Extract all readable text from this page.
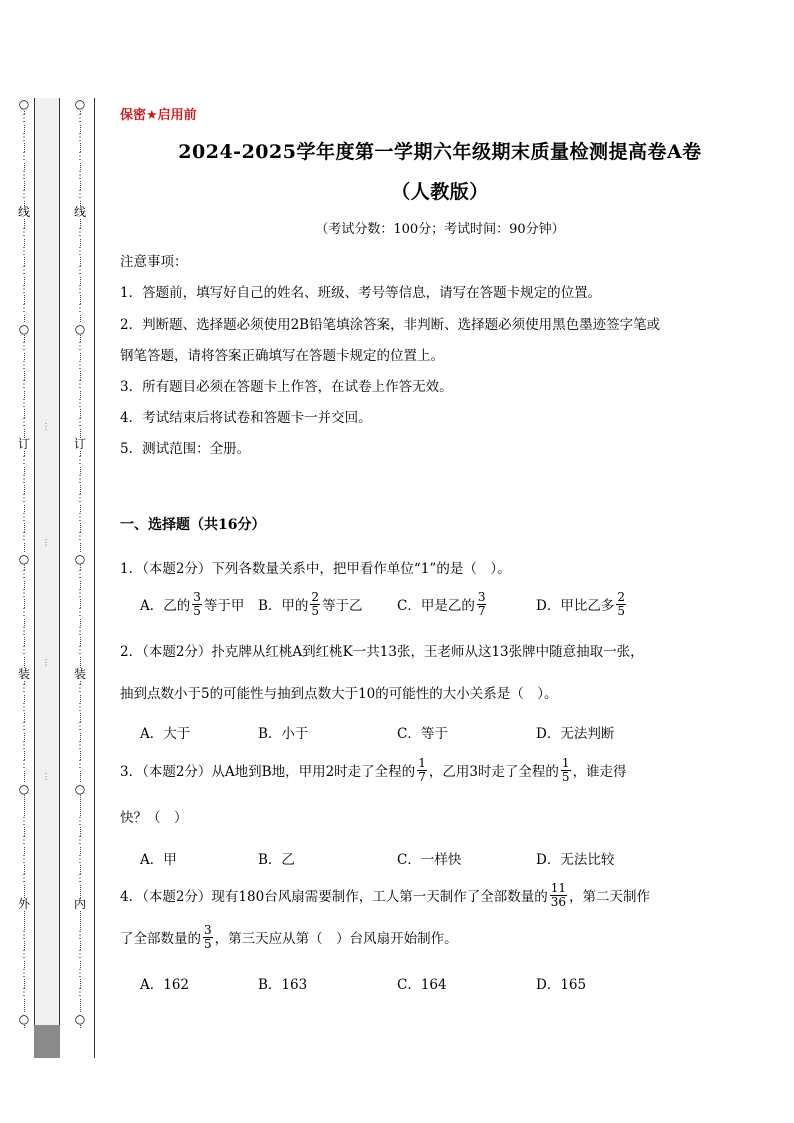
⋮
⋮
⋮
⋮
○
线
○
订
○
装
○
外
○
⋮
⋮
⋮
⋮
⋮
⋮
⋮
⋮
⋮
⋮
⋮
⋮
⋮
⋮
⋮
⋮
⋮
⋮
⋮
⋮
⋮
⋮
⋮
⋮
⋮
⋮
⋮
⋮
⋮
⋮
⋮
⋮
⋮
⋮
⋮
⋮
⋮
⋮
○
线
○
订
○
装
○
内
○
⋮
⋮
⋮
⋮
⋮
⋮
⋮
⋮
⋮
⋮
⋮
⋮
⋮
⋮
⋮
⋮
⋮
⋮
⋮
⋮
⋮
⋮
⋮
⋮
⋮
⋮
⋮
⋮
⋮
⋮
⋮
⋮
⋮
⋮
⋮
⋮
⋮
⋮
保密★启用前
2024-2025学年度第一学期六年级期末质量检测提高卷A卷
（人教版）
（考试分数：100分；考试时间：90分钟）
注意事项：
1．答题前，填写好自己的姓名、班级、考号等信息，请写在答题卡规定的位置。
2．判断题、选择题必须使用2B铅笔填涂答案，非判断、选择题必须使用黑色墨迹签字笔或
钢笔答题，请将答案正确填写在答题卡规定的位置上。
3．所有题目必须在答题卡上作答，在试卷上作答无效。
4．考试结束后将试卷和答题卡一并交回。
5．测试范围：全册。
一、选择题（共16分）
1．（本题2分）下列各数量关系中，把甲看作单位“1”的是（　）。
A．乙的 $\frac{3}{5}$ 等于甲 B．甲的 $\frac{2}{5}$ 等于乙	C．甲是乙的 $\frac{3}{7}$	D．甲比乙多 $\frac{2}{5}$
2．（本题2分）扑克牌从红桃A到红桃K一共13张，王老师从这13张牌中随意抽取一张，
抽到点数小于5的可能性与抽到点数大于10的可能性的大小关系是（　）。
A．大于	B．小于	C．等于	D．无法判断
3．（本题2分）从A地到B地，甲用2时走了全程的 $\frac{1}{7}$ ，乙用3时走了全程的 $\frac{1}{5}$ ，谁走得
快？（　）
A．甲	B．乙	C．一样快	D．无法比较
4．（本题2分）现有180台风扇需要制作，工人第一天制作了全部数量的 $\frac{11}{36}$ ，第二天制作
了全部数量的 $\frac{3}{5}$ ，第三天应从第（　）台风扇开始制作。
A．162	B．163	C．164	D．165
